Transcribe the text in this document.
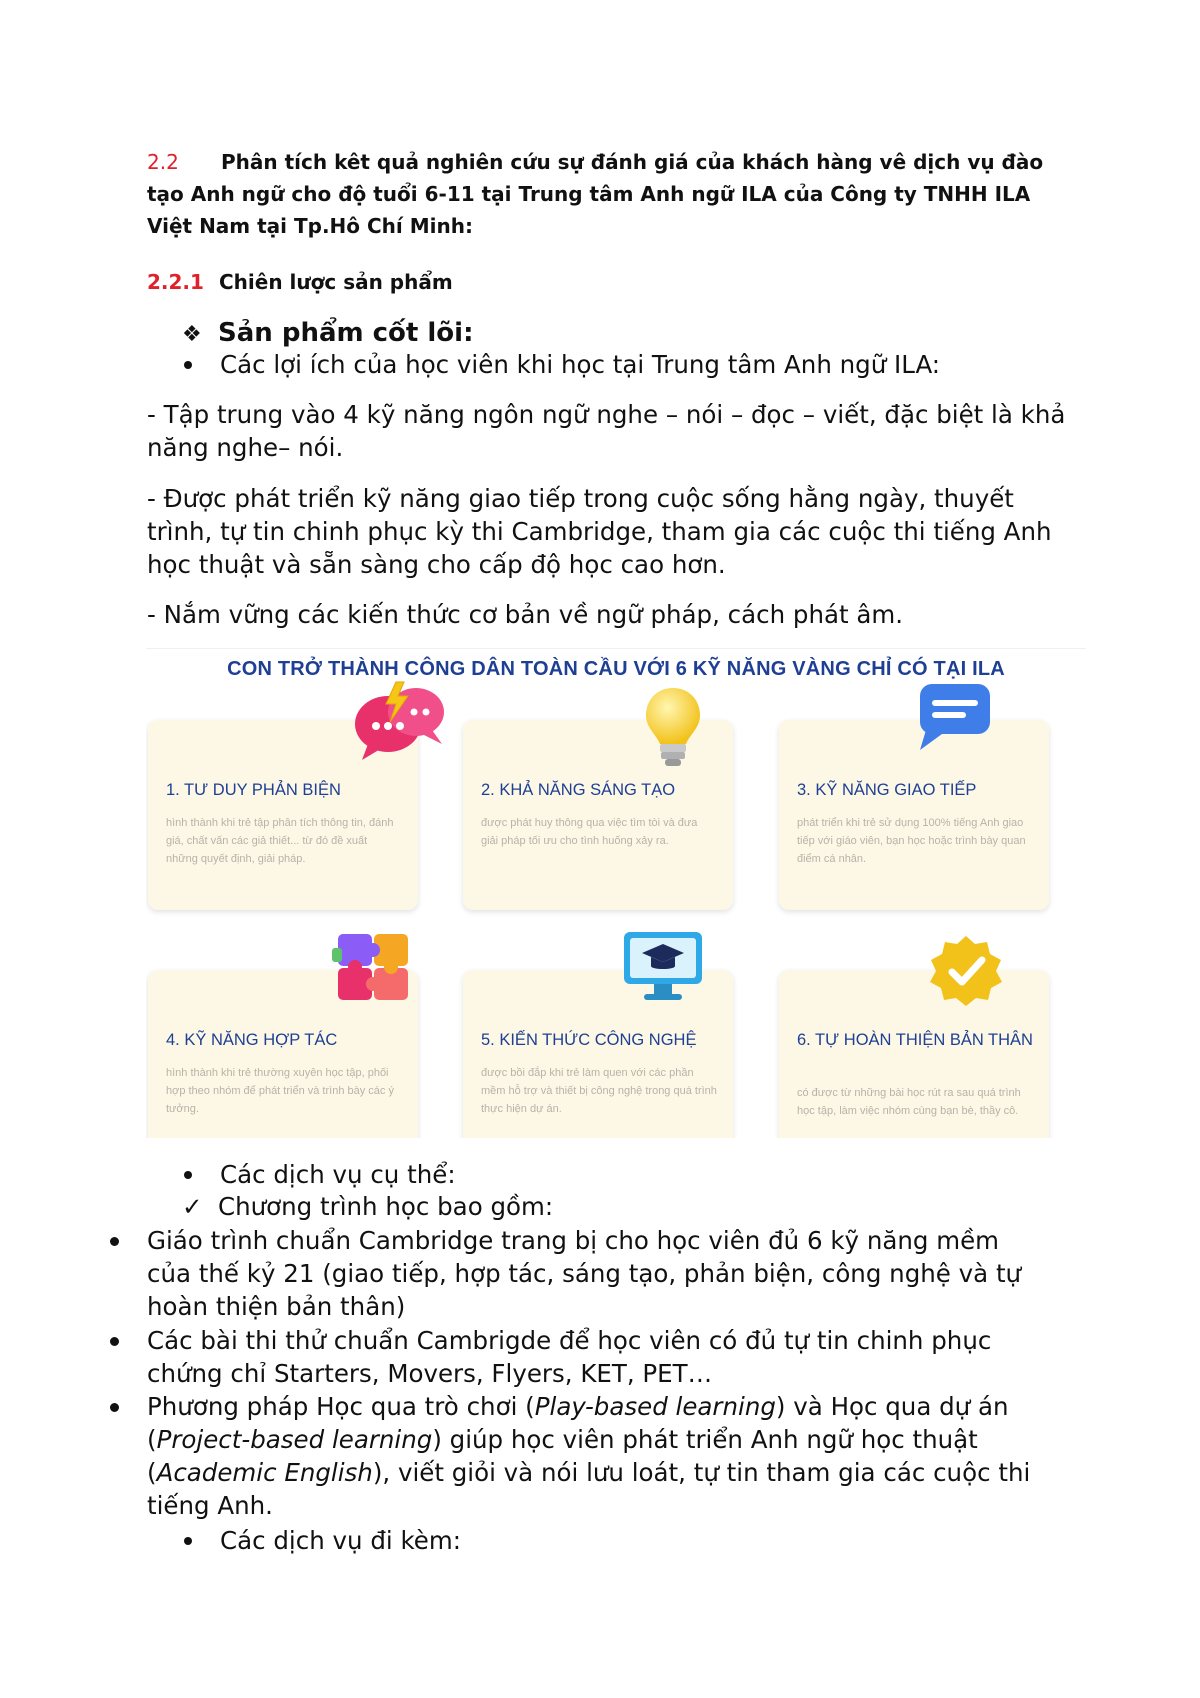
2.2 Phân tích kêt quả nghiên cứu sự đánh giá của khách hàng vê dịch vụ đào tạo Anh ngữ cho độ tuổi 6-11 tại Trung tâm Anh ngữ ILA của Công ty TNHH ILA Việt Nam tại Tp.Hô Chí Minh:
2.2.1 Chiên lược sản phẩm
❖ Sản phẩm cốt lõi:
Các lợi ích của học viên khi học tại Trung tâm Anh ngữ ILA:
- Tập trung vào 4 kỹ năng ngôn ngữ nghe – nói – đọc – viết, đặc biệt là khả năng nghe– nói.
- Được phát triển kỹ năng giao tiếp trong cuộc sống hằng ngày, thuyết trình, tự tin chinh phục kỳ thi Cambridge, tham gia các cuộc thi tiếng Anh học thuật và sẵn sàng cho cấp độ học cao hơn.
- Nắm vững các kiến thức cơ bản về ngữ pháp, cách phát âm.
CON TRỞ THÀNH CÔNG DÂN TOÀN CẦU VỚI 6 KỸ NĂNG VÀNG CHỈ CÓ TẠI ILA
1. TƯ DUY PHẢN BIỆN
hình thành khi trẻ tập phân tích thông tin, đánh giá, chất vấn các giả thiết... từ đó đề xuất những quyết định, giải pháp.
2. KHẢ NĂNG SÁNG TẠO
được phát huy thông qua việc tìm tòi và đưa giải pháp tối ưu cho tình huống xảy ra.
3. KỸ NĂNG GIAO TIẾP
phát triển khi trẻ sử dụng 100% tiếng Anh giao tiếp với giáo viên, bạn học hoặc trình bày quan điểm cá nhân.
4. KỸ NĂNG HỢP TÁC
hình thành khi trẻ thường xuyên học tập, phối hợp theo nhóm để phát triển và trình bày các ý tưởng.
5. KIẾN THỨC CÔNG NGHỆ
được bồi đắp khi trẻ làm quen với các phần mềm hỗ trợ và thiết bị công nghệ trong quá trình thực hiện dự án.
6. TỰ HOÀN THIỆN BẢN THÂN
có được từ những bài học rút ra sau quá trình học tập, làm việc nhóm cùng bạn bè, thầy cô.
Các dịch vụ cụ thể:
✓ Chương trình học bao gồm:
Giáo trình chuẩn Cambridge trang bị cho học viên đủ 6 kỹ năng mềm của thế kỷ 21 (giao tiếp, hợp tác, sáng tạo, phản biện, công nghệ và tự hoàn thiện bản thân)
Các bài thi thử chuẩn Cambrigde để học viên có đủ tự tin chinh phục chứng chỉ Starters, Movers, Flyers, KET, PET…
Phương pháp Học qua trò chơi (Play-based learning) và Học qua dự án (Project-based learning) giúp học viên phát triển Anh ngữ học thuật (Academic English), viết giỏi và nói lưu loát, tự tin tham gia các cuộc thi tiếng Anh.
Các dịch vụ đi kèm:
